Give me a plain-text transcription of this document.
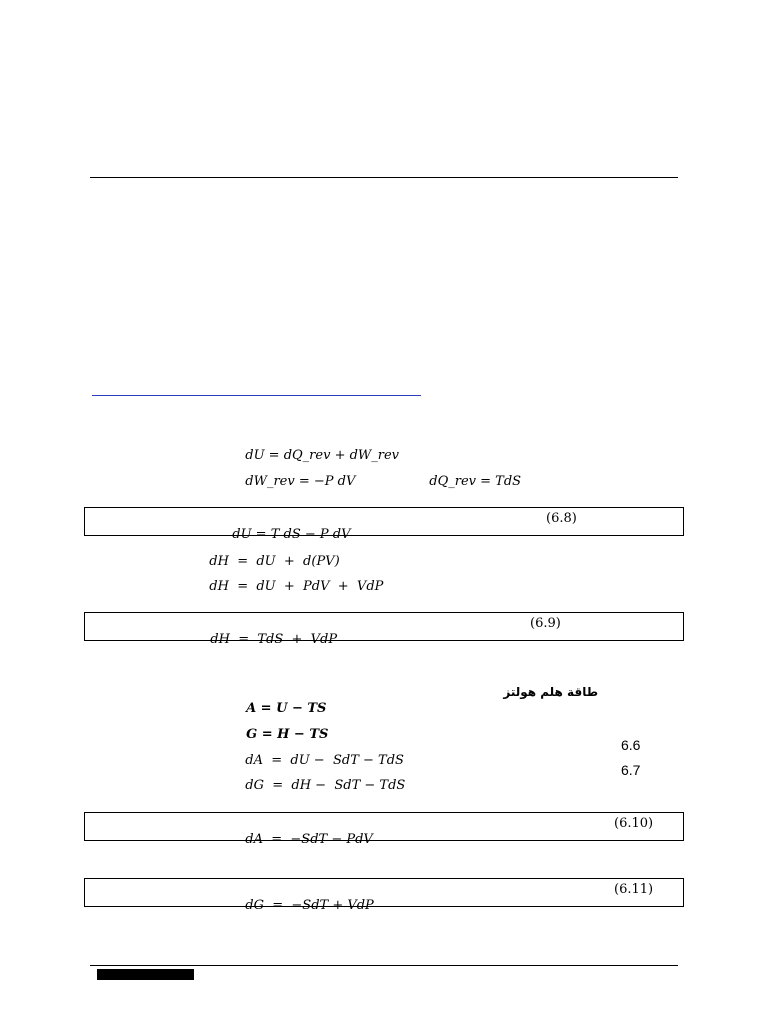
dU = dQ_rev + dW_rev

dW_rev = −P dV	dQ_rev = TdS

dU = T dS − P dV

(6.8)

dH  =  dU  +  d(PV)

dH  =  dU  +  PdV  +  VdP

dH  =  TdS  +  VdP

(6.9)

A = U − TS

طاقة هلم هولتز

G = H − TS

dA  =  dU −  SdT − TdS

6.6

dG  =  dH −  SdT − TdS

6.7

dA  =  −SdT − PdV

(6.10)

dG  =  −SdT + VdP

(6.11)
